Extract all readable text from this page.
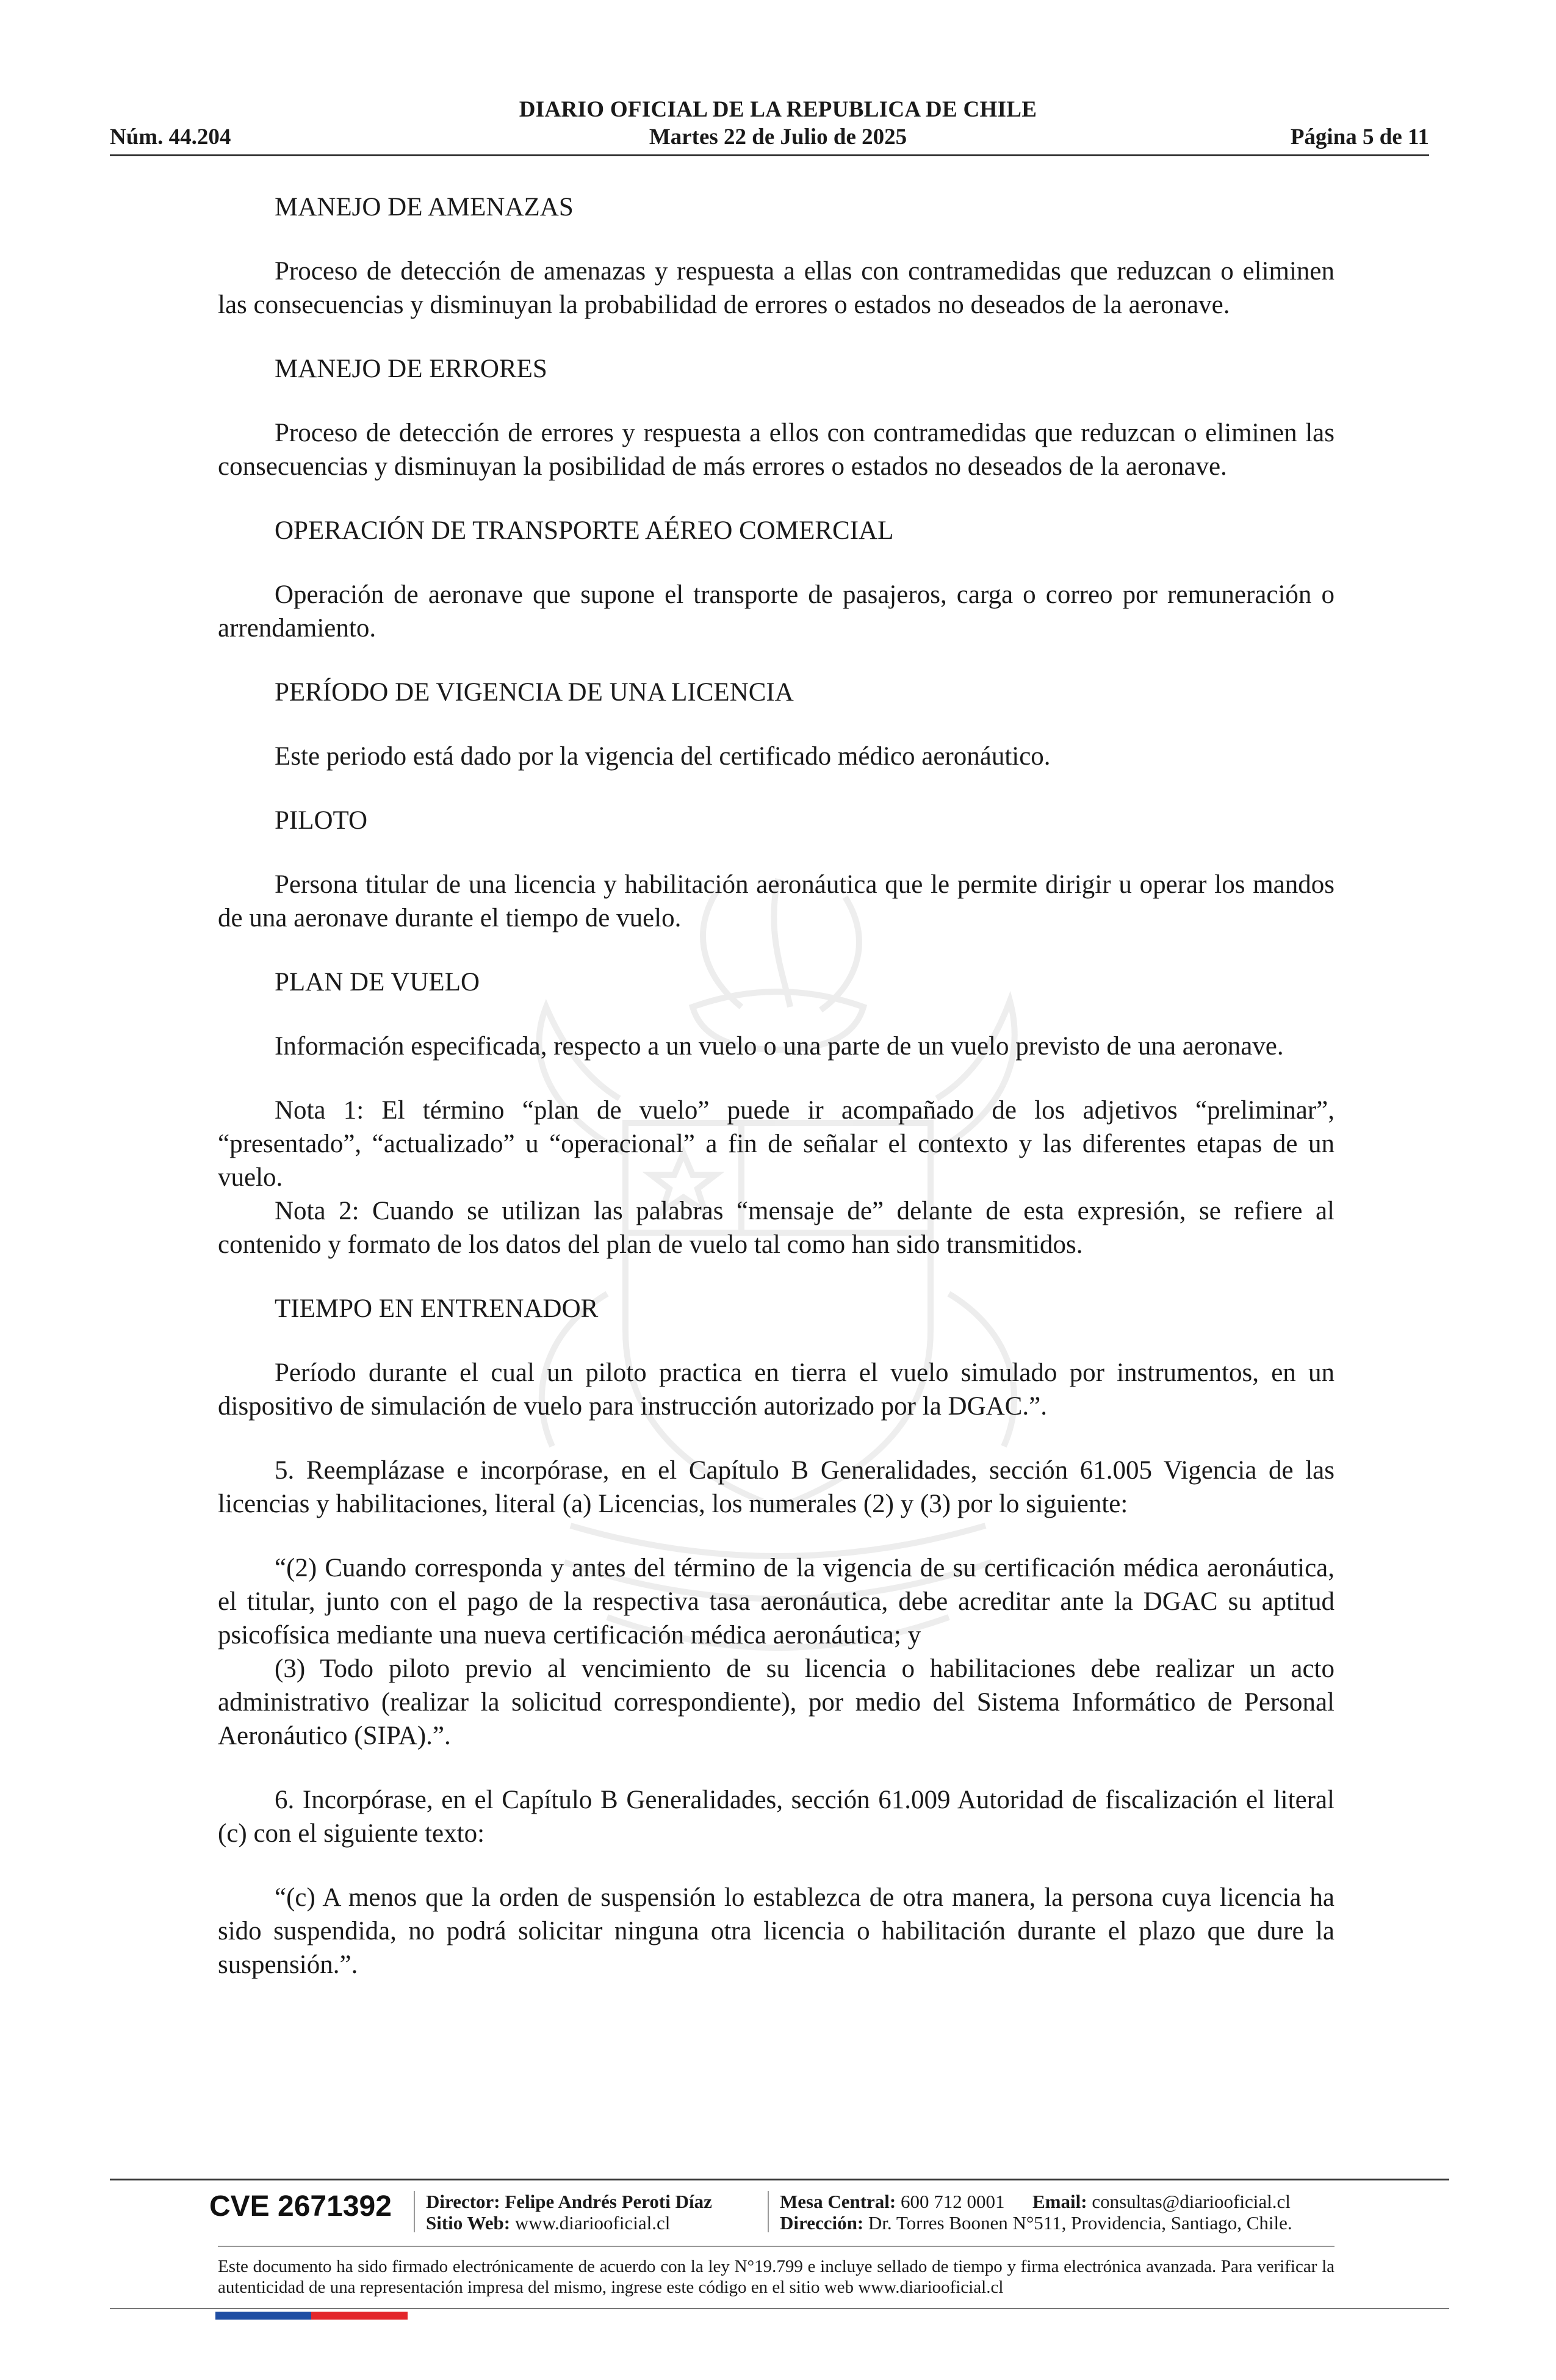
DIARIO OFICIAL DE LA REPUBLICA DE CHILE
Núm. 44.204	Martes 22 de Julio de 2025	Página 5 de 11

MANEJO DE AMENAZAS

Proceso de detección de amenazas y respuesta a ellas con contramedidas que reduzcan o eliminen las consecuencias y disminuyan la probabilidad de errores o estados no deseados de la aeronave.

MANEJO DE ERRORES

Proceso de detección de errores y respuesta a ellos con contramedidas que reduzcan o eliminen las consecuencias y disminuyan la posibilidad de más errores o estados no deseados de la aeronave.

OPERACIÓN DE TRANSPORTE AÉREO COMERCIAL

Operación de aeronave que supone el transporte de pasajeros, carga o correo por remuneración o arrendamiento.

PERÍODO DE VIGENCIA DE UNA LICENCIA

Este periodo está dado por la vigencia del certificado médico aeronáutico.

PILOTO

Persona titular de una licencia y habilitación aeronáutica que le permite dirigir u operar los mandos de una aeronave durante el tiempo de vuelo.

PLAN DE VUELO

Información especificada, respecto a un vuelo o una parte de un vuelo previsto de una aeronave.

Nota 1: El término “plan de vuelo” puede ir acompañado de los adjetivos “preliminar”, “presentado”, “actualizado” u “operacional” a fin de señalar el contexto y las diferentes etapas de un vuelo.

Nota 2: Cuando se utilizan las palabras “mensaje de” delante de esta expresión, se refiere al contenido y formato de los datos del plan de vuelo tal como han sido transmitidos.

TIEMPO EN ENTRENADOR

Período durante el cual un piloto practica en tierra el vuelo simulado por instrumentos, en un dispositivo de simulación de vuelo para instrucción autorizado por la DGAC.”.

5. Reemplázase e incorpórase, en el Capítulo B Generalidades, sección 61.005 Vigencia de las licencias y habilitaciones, literal (a) Licencias, los numerales (2) y (3) por lo siguiente:

“(2) Cuando corresponda y antes del término de la vigencia de su certificación médica aeronáutica, el titular, junto con el pago de la respectiva tasa aeronáutica, debe acreditar ante la DGAC su aptitud psicofísica mediante una nueva certificación médica aeronáutica; y

(3) Todo piloto previo al vencimiento de su licencia o habilitaciones debe realizar un acto administrativo (realizar la solicitud correspondiente), por medio del Sistema Informático de Personal Aeronáutico (SIPA).”.

6. Incorpórase, en el Capítulo B Generalidades, sección 61.009 Autoridad de fiscalización el literal (c) con el siguiente texto:

“(c) A menos que la orden de suspensión lo establezca de otra manera, la persona cuya licencia ha sido suspendida, no podrá solicitar ninguna otra licencia o habilitación durante el plazo que dure la suspensión.”.

CVE 2671392 Director: Felipe Andrés Peroti Díaz
Sitio Web: www.diariooficial.cl
Mesa Central: 600 712 0001 Email: consultas@diariooficial.cl
Dirección: Dr. Torres Boonen N°511, Providencia, Santiago, Chile.
Este documento ha sido firmado electrónicamente de acuerdo con la ley N°19.799 e incluye sellado de tiempo y firma electrónica avanzada. Para verificar la autenticidad de una representación impresa del mismo, ingrese este código en el sitio web www.diariooficial.cl
